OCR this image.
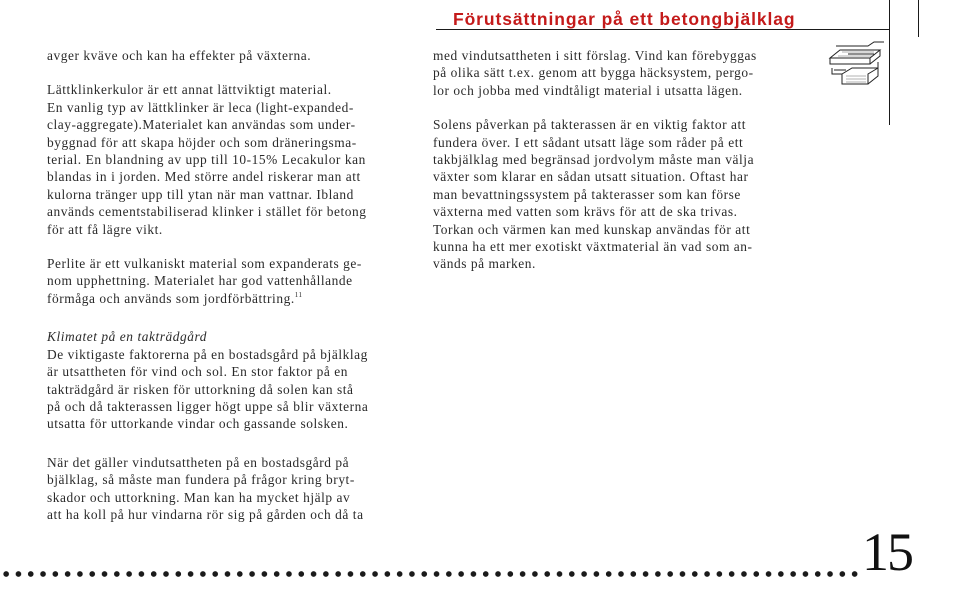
Förutsättningar på ett betongbjälklag

avger kväve och kan ha effekter på växterna.

Lättklinkerkulor är ett annat lättviktigt material.
En vanlig typ av lättklinker är leca (light-expanded-
clay-aggregate).Materialet kan användas som under-
byggnad för att skapa höjder och som dräneringsma-
terial. En blandning av upp till 10-15% Lecakulor kan
blandas in i jorden. Med större andel riskerar man att
kulorna tränger upp till ytan när man vattnar. Ibland
används cementstabiliserad klinker i stället för betong
för att få lägre vikt.

Perlite är ett vulkaniskt material som expanderats ge-
nom upphettning. Materialet har god vattenhållande
förmåga och används som jordförbättring.$^{11}$

Klimatet på en takträdgård

De viktigaste faktorerna på en bostadsgård på bjälklag
är utsattheten för vind och sol. En stor faktor på en
takträdgård är risken för uttorkning då solen kan stå
på och då takterassen ligger högt uppe så blir växterna
utsatta för uttorkande vindar och gassande solsken.

När det gäller vindutsattheten på en bostadsgård på
bjälklag, så måste man fundera på frågor kring bryt-
skador och uttorkning. Man kan ha mycket hjälp av
att ha koll på hur vindarna rör sig på gården och då ta

med vindutsattheten i sitt förslag. Vind kan förebyggas
på olika sätt t.ex. genom att bygga häcksystem, pergo-
lor och jobba med vindtåligt material i utsatta lägen.

Solens påverkan på takterassen är en viktig faktor att
fundera över. I ett sådant utsatt läge som råder på ett
takbjälklag med begränsad jordvolym måste man välja
växter som klarar en sådan utsatt situation. Oftast har
man bevattningssystem på takterasser som kan förse
växterna med vatten som krävs för att de ska trivas.
Torkan och värmen kan med kunskap användas för att
kunna ha ett mer exotiskt växtmaterial än vad som an-
vänds på marken.

15
